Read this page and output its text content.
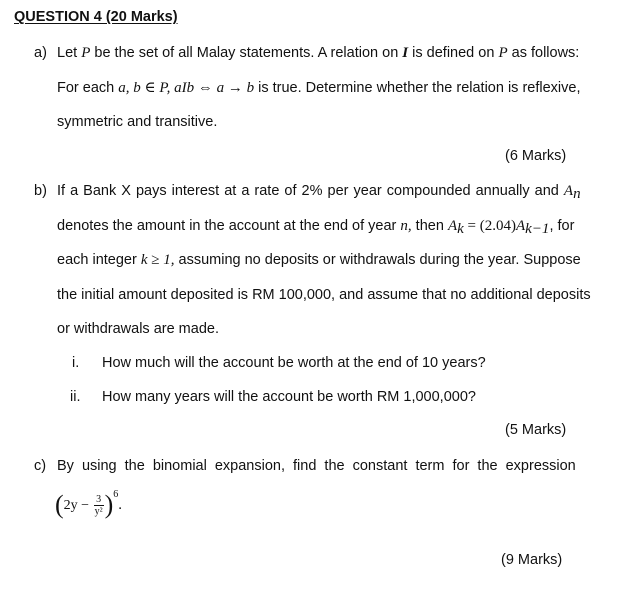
QUESTION 4 (20 Marks)
a) Let P be the set of all Malay statements. A relation on I is defined on P as follows:
For each a, b ∈ P, aIb ⇔ a → b is true. Determine whether the relation is reflexive,
symmetric and transitive.
(6 Marks)
b) If a Bank X pays interest at a rate of 2% per year compounded annually and $A_n$
denotes the amount in the account at the end of year n, then $A_k = (2.04)A_{k-1}$, for
each integer k ≥ 1, assuming no deposits or withdrawals during the year. Suppose
the initial amount deposited is RM 100,000, and assume that no additional deposits
or withdrawals are made.
i. How much will the account be worth at the end of 10 years?
ii. How many years will the account be worth RM 1,000,000?
(5 Marks)
c) By using the binomial expansion, find the constant term for the expression
$(2y - \frac{3}{\text{y²}} )^6$.
(9 Marks)
